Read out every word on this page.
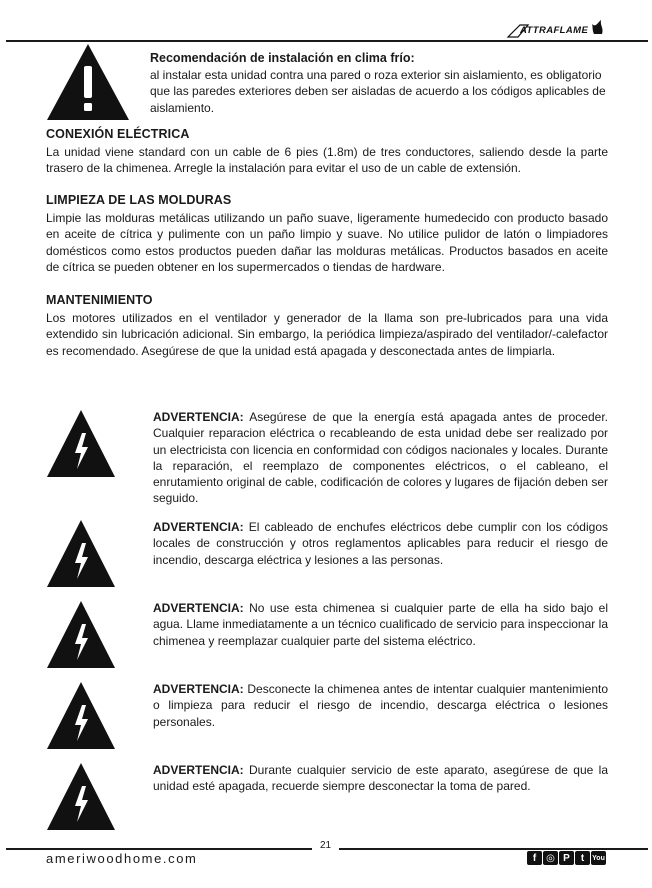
ATTRAFLAME
Recomendación de instalación en clima frío:
al instalar esta unidad contra una pared o roza exterior sin aislamiento, es obligatorio que las paredes exteriores deben ser aisladas de acuerdo a los códigos aplicables de aislamiento.

CONEXIÓN ELÉCTRICA

La unidad viene standard con un cable de 6 pies (1.8m) de tres conductores, saliendo desde la parte trasero de la chimenea. Arregle la instalación para evitar el uso de un cable de extensión.

LIMPIEZA DE LAS MOLDURAS

Limpie las molduras metálicas utilizando un paño suave, ligeramente humedecido con producto basado en aceite de cítrica y pulimente con un paño limpio y suave. No utilice pulidor de latón o limpiadores domésticos como estos productos pueden dañar las molduras metálicas. Productos basados en aceite de cítrica se pueden obtener en los supermercados o tiendas de hardware.

MANTENIMIENTO

Los motores utilizados en el ventilador y generador de la llama son pre-lubricados para una vida extendido sin lubricación adicional. Sin embargo, la periódica limpieza/aspirado del ventilador/-calefactor es recomendado. Asegúrese de que la unidad está apagada y desconectada antes de limpiarla.

ADVERTENCIA: Asegúrese de que la energía está apagada antes de proceder. Cualquier reparacion eléctrica o recableando de esta unidad debe ser realizado por un electricista con licencia en conformidad con códigos nacionales y locales. Durante la reparación, el reemplazo de componentes eléctricos, o el cableano, el enrutamiento original de cable, codificación de colores y lugares de fijación deben ser seguido.

ADVERTENCIA: El cableado de enchufes eléctricos debe cumplir con los códigos locales de construcción y otros reglamentos aplicables para reducir el riesgo de incendio, descarga eléctrica y lesiones a las personas.

ADVERTENCIA: No use esta chimenea si cualquier parte de ella ha sido bajo el agua. Llame inmediatamente a un técnico cualificado de servicio para inspeccionar la chimenea y reemplazar cualquier parte del sistema eléctrico.

ADVERTENCIA: Desconecte la chimenea antes de intentar cualquier mantenimiento o limpieza para reducir el riesgo de incendio, descarga eléctrica o lesiones personales.

ADVERTENCIA: Durante cualquier servicio de este aparato, asegúrese de que la unidad esté apagada, recuerde siempre desconectar la toma de pared.

21
ameriwoodhome.com	f ◎ P	t	You
